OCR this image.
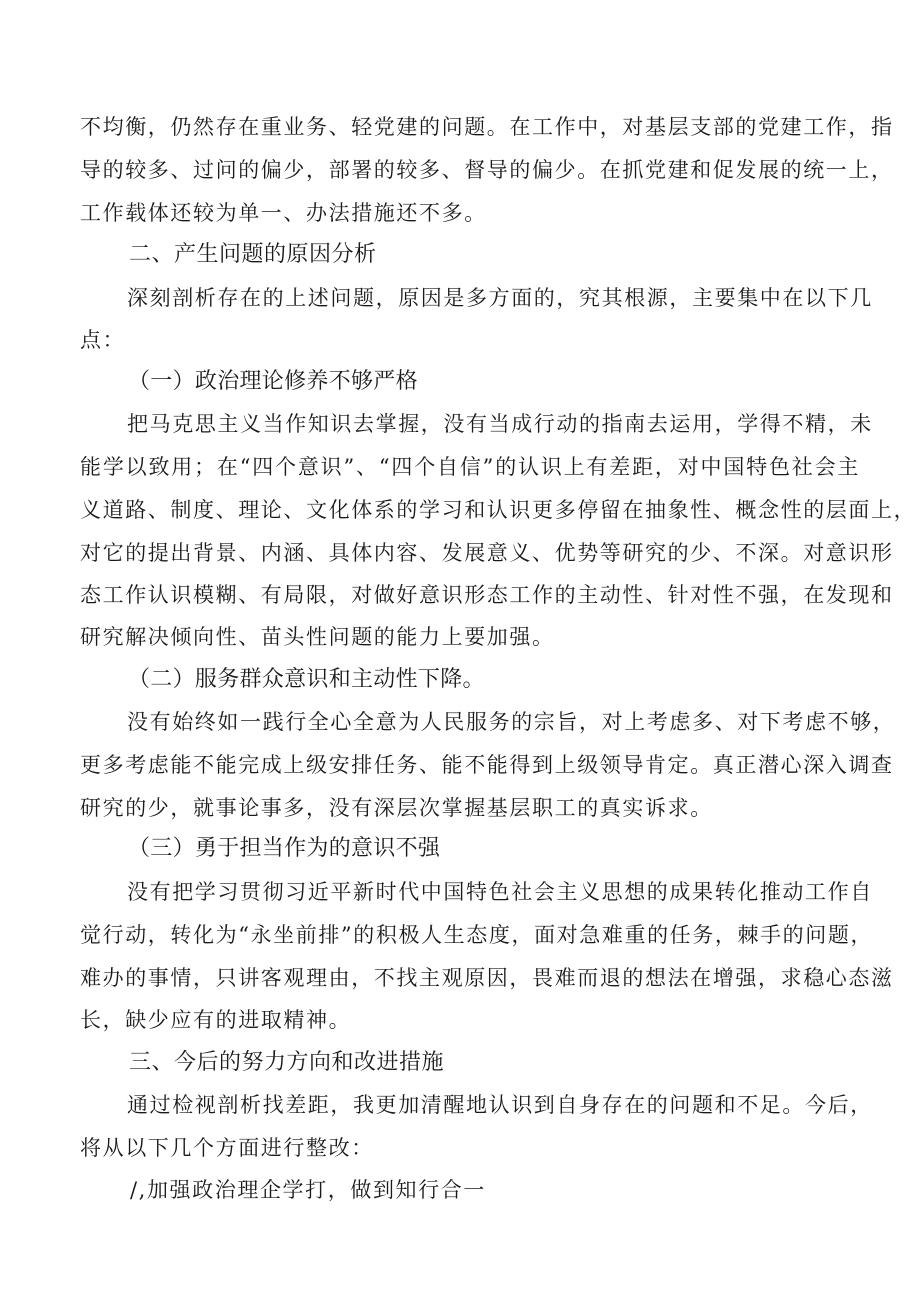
不均衡，仍然存在重业务、轻党建的问题。在工作中，对基层支部的党建工作，指
导的较多、过问的偏少，部署的较多、督导的偏少。在抓党建和促发展的统一上，
工作载体还较为单一、办法措施还不多。
二、产生问题的原因分析
深刻剖析存在的上述问题，原因是多方面的，究其根源，主要集中在以下几
点：
（一）政治理论修养不够严格
把马克思主义当作知识去掌握，没有当成行动的指南去运用，学得不精，未
能学以致用；在“四个意识”、“四个自信”的认识上有差距，对中国特色社会主
义道路、制度、理论、文化体系的学习和认识更多停留在抽象性、概念性的层面上，
对它的提出背景、内涵、具体内容、发展意义、优势等研究的少、不深。对意识形
态工作认识模糊、有局限，对做好意识形态工作的主动性、针对性不强，在发现和
研究解决倾向性、苗头性问题的能力上要加强。
（二）服务群众意识和主动性下降。
没有始终如一践行全心全意为人民服务的宗旨，对上考虑多、对下考虑不够，
更多考虑能不能完成上级安排任务、能不能得到上级领导肯定。真正潜心深入调查
研究的少，就事论事多，没有深层次掌握基层职工的真实诉求。
（三）勇于担当作为的意识不强
没有把学习贯彻习近平新时代中国特色社会主义思想的成果转化推动工作自
觉行动，转化为“永坐前排”的积极人生态度，面对急难重的任务，棘手的问题，
难办的事情，只讲客观理由，不找主观原因，畏难而退的想法在增强，求稳心态滋
长，缺少应有的进取精神。
三、今后的努力方向和改进措施
通过检视剖析找差距，我更加清醒地认识到自身存在的问题和不足。今后，
将从以下几个方面进行整改：
/,加强政治理企学打，做到知行合一
